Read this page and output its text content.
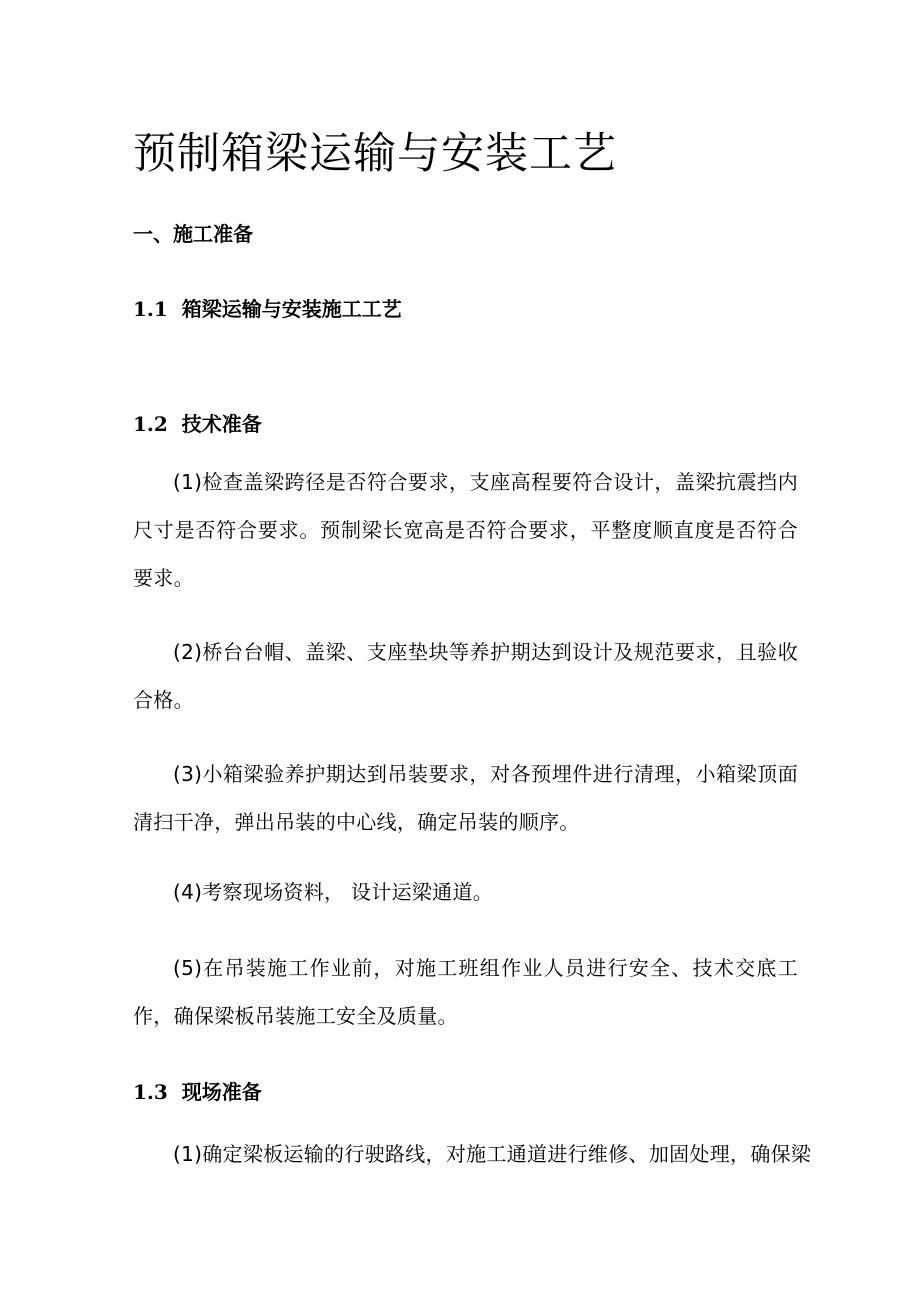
预制箱梁运输与安装工艺
一、施工准备
1.1 箱梁运输与安装施工工艺
1.2 技术准备

(1)检查盖梁跨径是否符合要求，支座高程要符合设计，盖梁抗震挡内尺寸是否符合要求。预制梁长宽高是否符合要求，平整度顺直度是否符合要求。

(2)桥台台帽、盖梁、支座垫块等养护期达到设计及规范要求，且验收合格。

(3)小箱梁验养护期达到吊装要求，对各预埋件进行清理，小箱梁顶面清扫干净，弹出吊装的中心线，确定吊装的顺序。

(4)考察现场资料， 设计运梁通道。

(5)在吊装施工作业前，对施工班组作业人员进行安全、技术交底工作，确保梁板吊装施工安全及质量。

1.3 现场准备

(1)确定梁板运输的行驶路线，对施工通道进行维修、加固处理，确保梁
